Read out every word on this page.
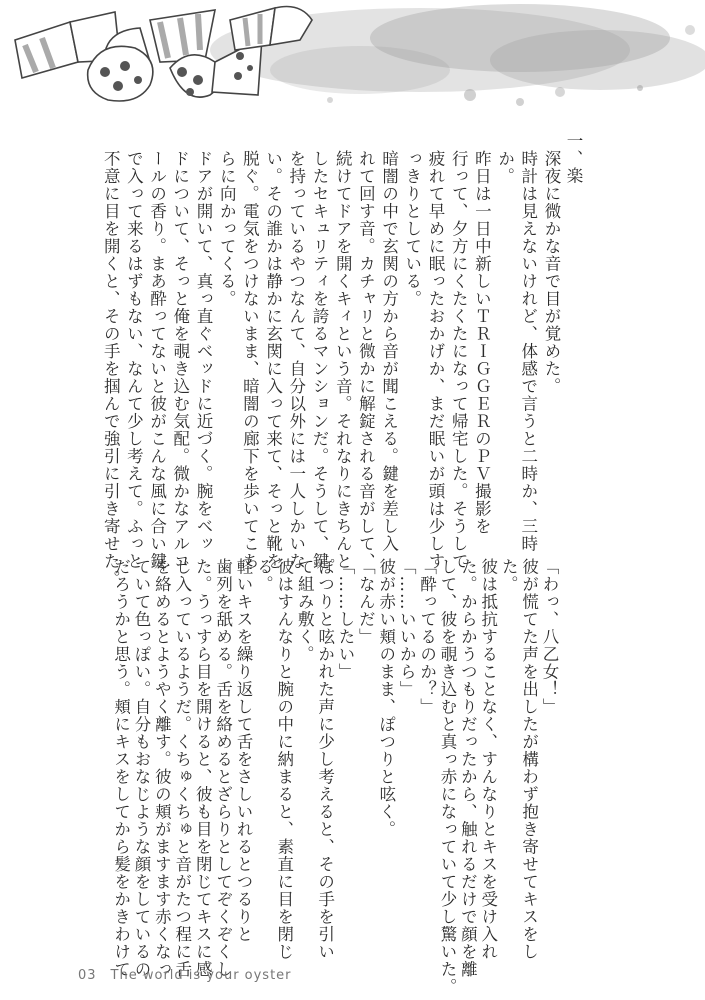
一、楽
深夜に微かな音で目が覚めた。
時計は見えないけれど、体感で言うと二時か、三時
か。
昨日は一日中新しいＴＲＩＧＧＥＲのＰＶ撮影を
行って、夕方にくたくたになって帰宅した。そうして
疲れて早めに眠ったおかげか、まだ眠いが頭は少しす
っきりとしている。
暗闇の中で玄関の方から音が聞こえる。鍵を差し入
れて回す音。カチャリと微かに解錠される音がして、
続けてドアを開くキィという音。それなりにきちんと
したセキュリティを誇るマンションだ。そうして、鍵
を持っているやつなんて、自分以外には一人しかいな
い。その誰かは静かに玄関に入って来て、そっと靴を
脱ぐ。電気をつけないまま、暗闇の廊下を歩いてこち
らに向かってくる。
ドアが開いて、真っ直ぐベッドに近づく。腕をベッ
ドについて、そっと俺を覗き込む気配。微かなアルコ
ールの香り。まあ酔ってないと彼がこんな風に合い鍵
で入って来るはずもない、なんて少し考えて。ふっと
不意に目を開くと、その手を掴んで強引に引き寄せた。
「わっ、八乙女！」
彼が慌てた声を出したが構わず抱き寄せてキスをし
た。
彼は抵抗することなく、すんなりとキスを受け入れ
た。からかうつもりだったから、触れるだけで顔を離
して、彼を覗き込むと真っ赤になっていて少し驚いた。
「酔ってるのか？」
「……いいから」
彼が赤い頬のまま、ぽつりと呟く。
「なんだ」
「……したい」
ぽつりと呟かれた声に少し考えると、その手を引い
て組み敷く。
彼はすんなりと腕の中に納まると、素直に目を閉じ
る。
軽いキスを繰り返して舌をさしいれるとつるりと
歯列を舐める。舌を絡めるとざらりとしてぞくぞくし
た。うっすら目を開けると、彼も目を閉じてキスに感
じ入っているようだ。くちゅくちゅと音がたつ程に舌
を絡めるとようやく離す。彼の頬がますます赤くなっ
ていて色っぽい。自分もおなじような顔をしているの
だろうかと思う。頬にキスをしてから髪をかきわけて
03 The world is your oyster
